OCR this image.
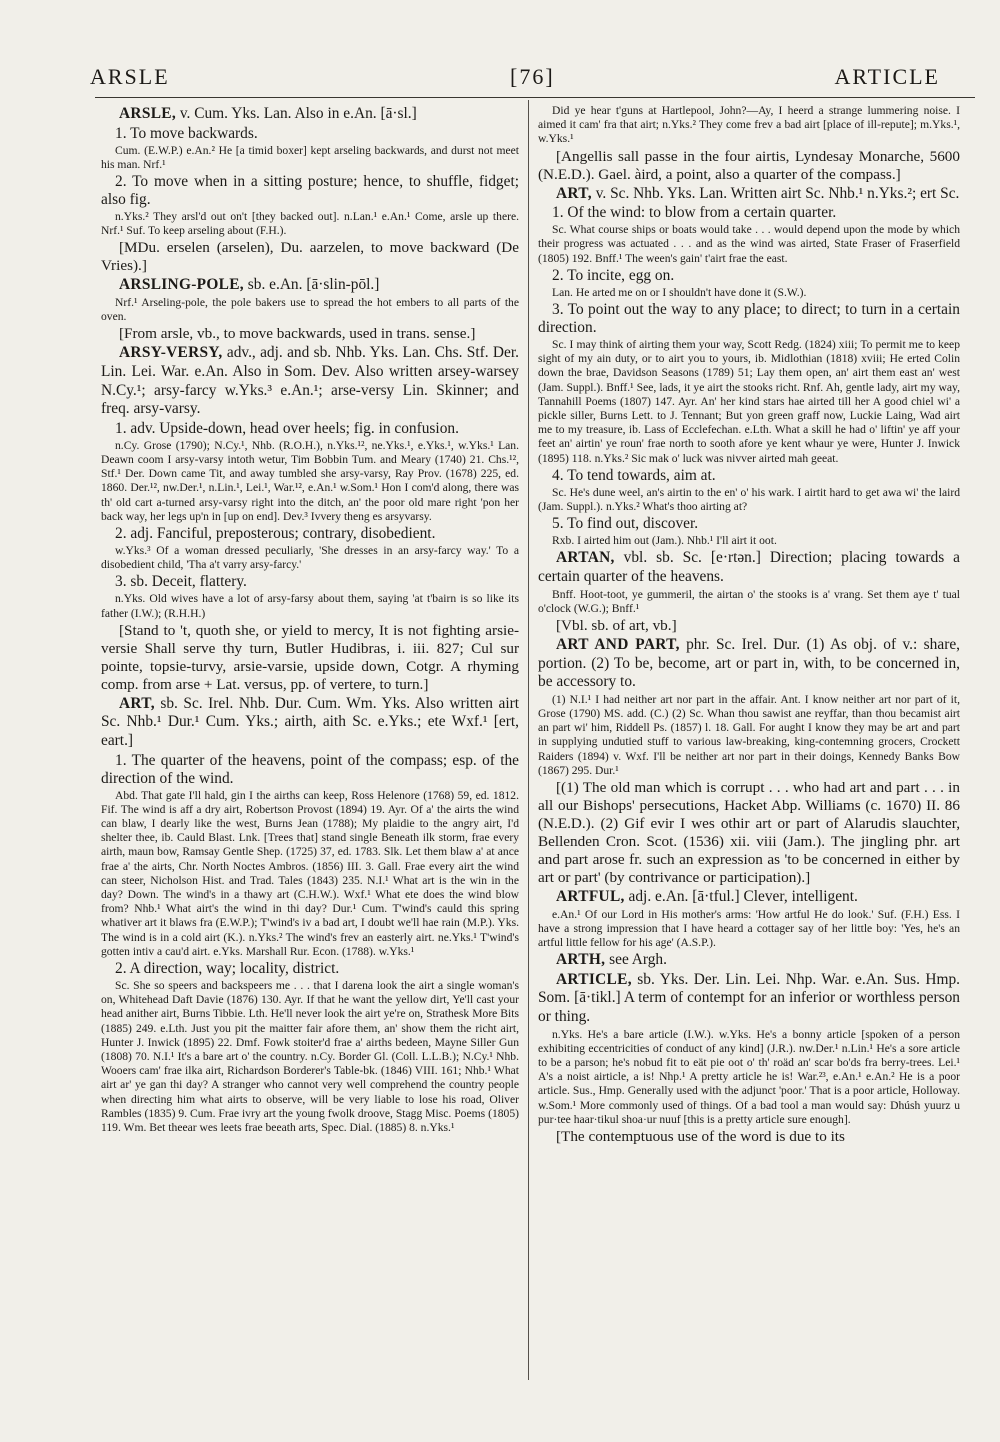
ARSLE	[76]	ARTICLE
ARSLE, v. Cum. Yks. Lan. Also in e.An. [ā·sl.]
1. To move backwards.
Cum. (E.W.P.) e.An.² He [a timid boxer] kept arseling backwards, and durst not meet his man. Nrf.¹
2. To move when in a sitting posture; hence, to shuffle, fidget; also fig.
n.Yks.² They arsl'd out on't [they backed out]. n.Lan.¹ e.An.¹ Come, arsle up there. Nrf.¹ Suf. To keep arseling about (F.H.).
[MDu. erselen (arselen), Du. aarzelen, to move backward (De Vries).]
ARSLING-POLE, sb. e.An. [ā·slin-pōl.]
Nrf.¹ Arseling-pole, the pole bakers use to spread the hot embers to all parts of the oven.
[From arsle, vb., to move backwards, used in trans. sense.]
ARSY-VERSY, adv., adj. and sb. Nhb. Yks. Lan. Chs. Stf. Der. Lin. Lei. War. e.An. Also in Som. Dev. Also written arsey-warsey N.Cy.¹; arsy-farcy w.Yks.³ e.An.¹; arse-versy Lin. Skinner; and freq. arsy-varsy.
1. adv. Upside-down, head over heels; fig. in confusion.
n.Cy. Grose (1790); N.Cy.¹, Nhb. (R.O.H.), n.Yks.¹², ne.Yks.¹, e.Yks.¹, w.Yks.¹ Lan. Deawn coom I arsy-varsy intoth wetur, Tim Bobbin Tum. and Meary (1740) 21. Chs.¹², Stf.¹ Der. Down came Tit, and away tumbled she arsy-varsy, Ray Prov. (1678) 225, ed. 1860. Der.¹², nw.Der.¹, n.Lin.¹, Lei.¹, War.¹², e.An.¹ w.Som.¹ Hon I com'd along, there was th' old cart a-turned arsy-varsy right into the ditch, an' the poor old mare right 'pon her back way, her legs up'n in [up on end]. Dev.³ Ivvery theng es arsyvarsy.
2. adj. Fanciful, preposterous; contrary, disobedient.
w.Yks.³ Of a woman dressed peculiarly, 'She dresses in an arsy-farcy way.' To a disobedient child, 'Tha a't varry arsy-farcy.'
3. sb. Deceit, flattery.
n.Yks. Old wives have a lot of arsy-farsy about them, saying 'at t'bairn is so like its father (I.W.); (R.H.H.)
[Stand to 't, quoth she, or yield to mercy, It is not fighting arsie-versie Shall serve thy turn, Butler Hudibras, i. iii. 827; Cul sur pointe, topsie-turvy, arsie-varsie, upside down, Cotgr. A rhyming comp. from arse + Lat. versus, pp. of vertere, to turn.]
ART, sb. Sc. Irel. Nhb. Dur. Cum. Wm. Yks. Also written airt Sc. Nhb.¹ Dur.¹ Cum. Yks.; airth, aith Sc. e.Yks.; ete Wxf.¹ [ert, eart.]
1. The quarter of the heavens, point of the compass; esp. of the direction of the wind.
Abd. That gate I'll hald, gin I the airths can keep, Ross Helenore (1768) 59, ed. 1812. Fif. The wind is aff a dry airt, Robertson Provost (1894) 19. Ayr. Of a' the airts the wind can blaw, I dearly like the west, Burns Jean (1788); My plaidie to the angry airt, I'd shelter thee, ib. Cauld Blast. Lnk. [Trees that] stand single Beneath ilk storm, frae every airth, maun bow, Ramsay Gentle Shep. (1725) 37, ed. 1783. Slk. Let them blaw a' at ance frae a' the airts, Chr. North Noctes Ambros. (1856) III. 3. Gall. Frae every airt the wind can steer, Nicholson Hist. and Trad. Tales (1843) 235. N.I.¹ What art is the win in the day? Down. The wind's in a thawy art (C.H.W.). Wxf.¹ What ete does the wind blow from? Nhb.¹ What airt's the wind in thi day? Dur.¹ Cum. T'wind's cauld this spring whativer art it blaws fra (E.W.P.); T'wind's iv a bad art, I doubt we'll hae rain (M.P.). Yks. The wind is in a cold airt (K.). n.Yks.² The wind's frev an easterly airt. ne.Yks.¹ T'wind's gotten intiv a cau'd airt. e.Yks. Marshall Rur. Econ. (1788). w.Yks.¹
2. A direction, way; locality, district.
Sc. She so speers and backspeers me . . . that I darena look the airt a single woman's on, Whitehead Daft Davie (1876) 130. Ayr. If that he want the yellow dirt, Ye'll cast your head anither airt, Burns Tibbie. Lth. He'll never look the airt ye're on, Strathesk More Bits (1885) 249. e.Lth. Just you pit the maitter fair afore them, an' show them the richt airt, Hunter J. Inwick (1895) 22. Dmf. Fowk stoiter'd frae a' airths bedeen, Mayne Siller Gun (1808) 70. N.I.¹ It's a bare art o' the country. n.Cy. Border Gl. (Coll. L.L.B.); N.Cy.¹ Nhb. Wooers cam' frae ilka airt, Richardson Borderer's Table-bk. (1846) VIII. 161; Nhb.¹ What airt ar' ye gan thi day? A stranger who cannot very well comprehend the country people when directing him what airts to observe, will be very liable to lose his road, Oliver Rambles (1835) 9. Cum. Frae ivry art the young fwolk droove, Stagg Misc. Poems (1805) 119. Wm. Bet theear wes leets frae beeath arts, Spec. Dial. (1885) 8. n.Yks.¹
Did ye hear t'guns at Hartlepool, John?—Ay, I heerd a strange lummering noise. I aimed it cam' fra that airt; n.Yks.² They come frev a bad airt [place of ill-repute]; m.Yks.¹, w.Yks.¹
[Angellis sall passe in the four airtis, Lyndesay Monarche, 5600 (N.E.D.). Gael. àird, a point, also a quarter of the compass.]
ART, v. Sc. Nhb. Yks. Lan. Written airt Sc. Nhb.¹ n.Yks.²; ert Sc.
1. Of the wind: to blow from a certain quarter.
Sc. What course ships or boats would take . . . would depend upon the mode by which their progress was actuated . . . and as the wind was airted, State Fraser of Fraserfield (1805) 192. Bnff.¹ The ween's gain' t'airt frae the east.
2. To incite, egg on.
Lan. He arted me on or I shouldn't have done it (S.W.).
3. To point out the way to any place; to direct; to turn in a certain direction.
Sc. I may think of airting them your way, Scott Redg. (1824) xiii; To permit me to keep sight of my ain duty, or to airt you to yours, ib. Midlothian (1818) xviii; He erted Colin down the brae, Davidson Seasons (1789) 51; Lay them open, an' airt them east an' west (Jam. Suppl.). Bnff.¹ See, lads, it ye airt the stooks richt. Rnf. Ah, gentle lady, airt my way, Tannahill Poems (1807) 147. Ayr. An' her kind stars hae airted till her A good chiel wi' a pickle siller, Burns Lett. to J. Tennant; But yon green graff now, Luckie Laing, Wad airt me to my treasure, ib. Lass of Ecclefechan. e.Lth. What a skill he had o' liftin' ye aff your feet an' airtin' ye roun' frae north to sooth afore ye kent whaur ye were, Hunter J. Inwick (1895) 118. n.Yks.² Sic mak o' luck was nivver airted mah geeat.
4. To tend towards, aim at.
Sc. He's dune weel, an's airtin to the en' o' his wark. I airtit hard to get awa wi' the laird (Jam. Suppl.). n.Yks.² What's thoo airting at?
5. To find out, discover.
Rxb. I airted him out (Jam.). Nhb.¹ I'll airt it oot.
ARTAN, vbl. sb. Sc. [e·rtən.] Direction; placing towards a certain quarter of the heavens.
Bnff. Hoot-toot, ye gummeril, the airtan o' the stooks is a' vrang. Set them aye t' tual o'clock (W.G.); Bnff.¹
[Vbl. sb. of art, vb.]
ART AND PART, phr. Sc. Irel. Dur. (1) As obj. of v.: share, portion. (2) To be, become, art or part in, with, to be concerned in, be accessory to.
(1) N.I.¹ I had neither art nor part in the affair. Ant. I know neither art nor part of it, Grose (1790) MS. add. (C.) (2) Sc. Whan thou sawist ane reyffar, than thou becamist airt an part wi' him, Riddell Ps. (1857) l. 18. Gall. For aught I know they may be art and part in supplying undutied stuff to various law-breaking, king-contemning grocers, Crockett Raiders (1894) v. Wxf. I'll be neither art nor part in their doings, Kennedy Banks Bow (1867) 295. Dur.¹
[(1) The old man which is corrupt . . . who had art and part . . . in all our Bishops' persecutions, Hacket Abp. Williams (c. 1670) II. 86 (N.E.D.). (2) Gif evir I wes othir art or part of Alarudis slauchter, Bellenden Cron. Scot. (1536) xii. viii (Jam.). The jingling phr. art and part arose fr. such an expression as 'to be concerned in either by art or part' (by contrivance or participation).]
ARTFUL, adj. e.An. [ā·tful.] Clever, intelligent.
e.An.¹ Of our Lord in His mother's arms: 'How artful He do look.' Suf. (F.H.) Ess. I have a strong impression that I have heard a cottager say of her little boy: 'Yes, he's an artful little fellow for his age' (A.S.P.).
ARTH, see Argh.
ARTICLE, sb. Yks. Der. Lin. Lei. Nhp. War. e.An. Sus. Hmp. Som. [ā·tikl.] A term of contempt for an inferior or worthless person or thing.
n.Yks. He's a bare article (I.W.). w.Yks. He's a bonny article [spoken of a person exhibiting eccentricities of conduct of any kind] (J.R.). nw.Der.¹ n.Lin.¹ He's a sore article to be a parson; he's nobud fit to eät pie oot o' th' roäd an' scar bo'ds fra berry-trees. Lei.¹ A's a noist airticle, a is! Nhp.¹ A pretty article he is! War.²³, e.An.¹ e.An.² He is a poor article. Sus., Hmp. Generally used with the adjunct 'poor.' That is a poor article, Holloway. w.Som.¹ More commonly used of things. Of a bad tool a man would say: Dhúsh yuurz u pur·tee haar·tikul shoa·ur nuuf [this is a pretty article sure enough].
[The contemptuous use of the word is due to its
